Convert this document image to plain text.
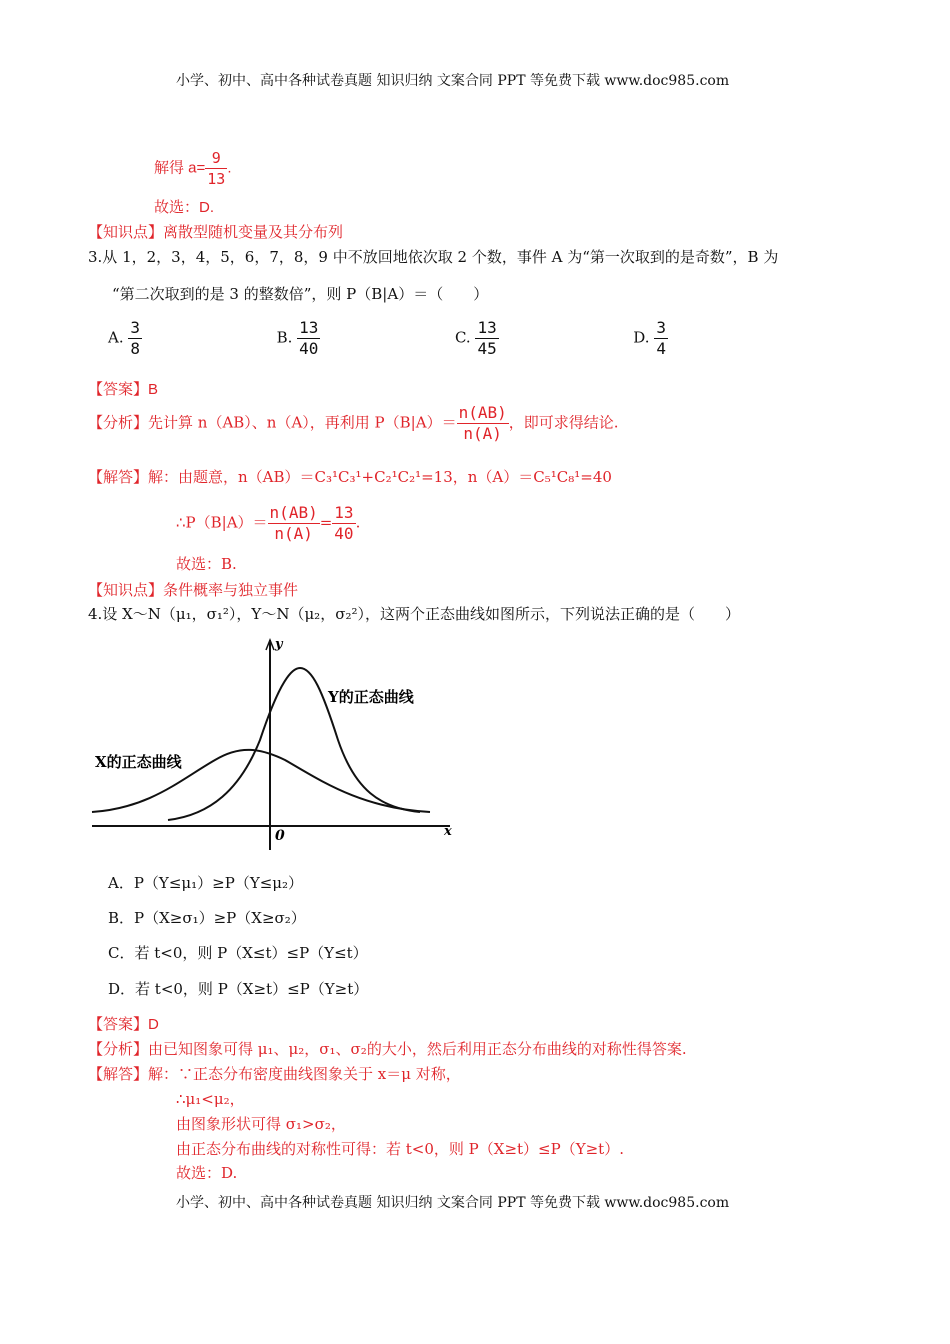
小学、初中、高中各种试卷真题 知识归纳 文案合同 PPT 等免费下载 www.doc985.com
解得 $a= \frac{9}{13}$ .
故选：D.
【知识点】离散型随机变量及其分布列
3.从 1，2，3，4，5，6，7，8，9 中不放回地依次取 2 个数，事件 A 为“第一次取到的是奇数”，B 为
“第二次取到的是 3 的整数倍”，则 P（B|A）＝（　　）
A. $\frac{3}{8}$	B. $\frac{13}{40}$	C. $\frac{13}{45}$	D. $\frac{3}{4}$
【答案】B
【分析】先计算 n（AB）、n（A），再利用 $P(B|A)= \frac{n(AB)}{n(A)}$ ，即可求得结论.
【解答】解：由题意，n（AB）＝C₃¹C₃¹+C₂¹C₂¹=13，n（A）＝C₅¹C₈¹=40
∴P（B|A）＝ $\frac{n(AB)}{n(A)} = \frac{13}{40}$ .
故选：B.
【知识点】条件概率与独立事件
4.设 X～N（μ₁，σ₁²），Y～N（μ₂，σ₂²），这两个正态曲线如图所示，下列说法正确的是（　　）
y
x
0
Y的正态曲线
X的正态曲线
A．P（Y≤μ₁）≥P（Y≤μ₂）
B．P（X≥σ₁）≥P（X≥σ₂）
C．若 t<0，则 P（X≤t）≤P（Y≤t）
D．若 t<0，则 P（X≥t）≤P（Y≥t）
【答案】D
【分析】由已知图象可得 μ₁、μ₂，σ₁、σ₂的大小，然后利用正态分布曲线的对称性得答案.
【解答】解：∵正态分布密度曲线图象关于 x＝μ 对称，
∴μ₁<μ₂，
由图象形状可得 σ₁>σ₂，
由正态分布曲线的对称性可得：若 t<0，则 P（X≥t）≤P（Y≥t）.
故选：D.
小学、初中、高中各种试卷真题 知识归纳 文案合同 PPT 等免费下载 www.doc985.com
